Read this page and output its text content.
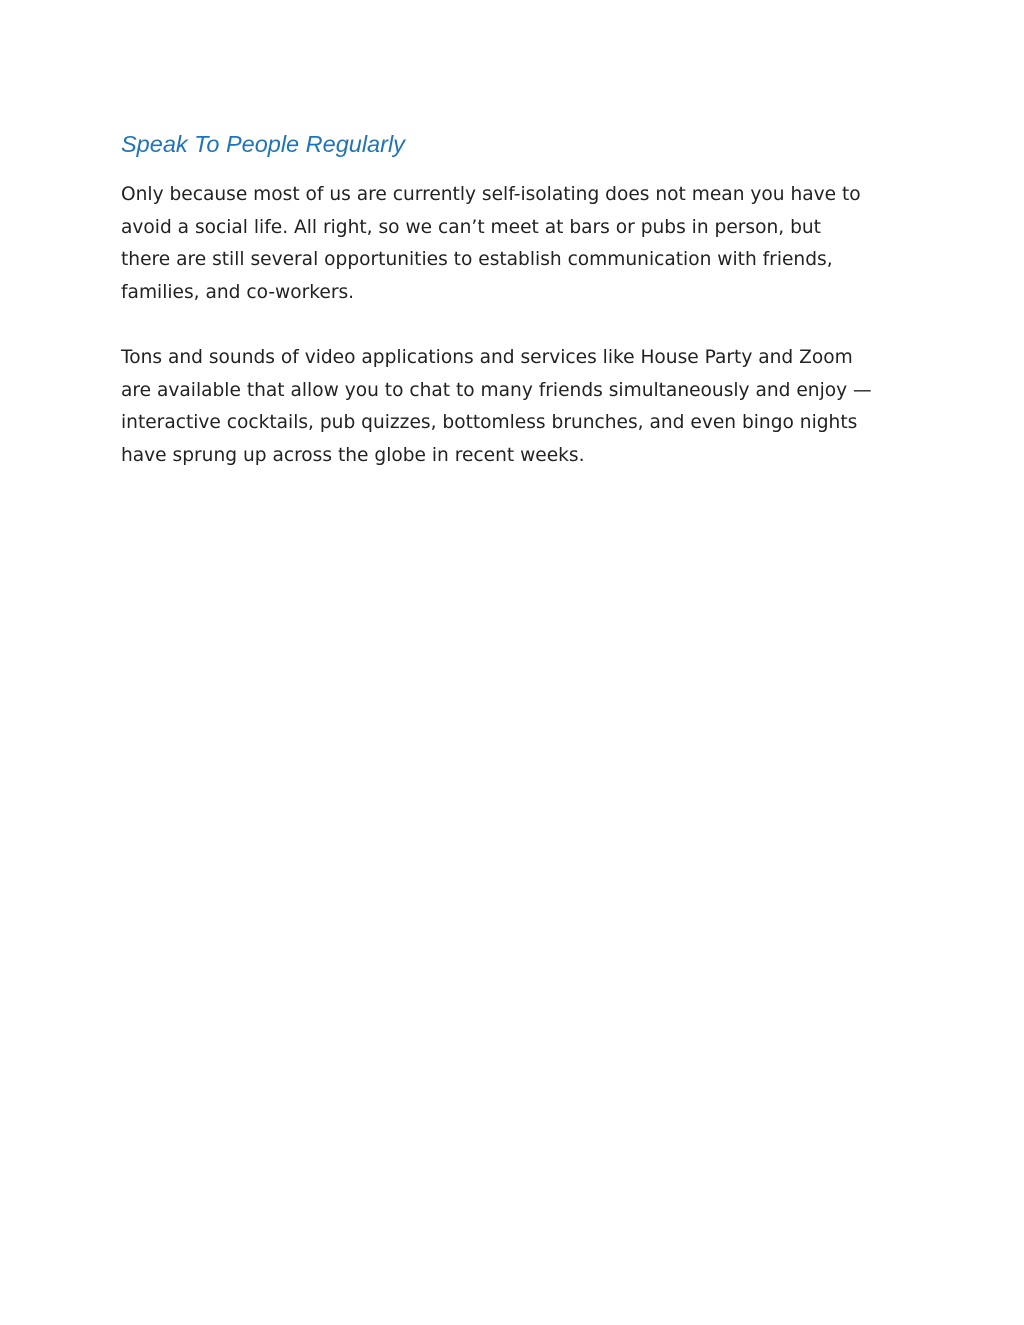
Speak To People Regularly

Only because most of us are currently self-isolating does not mean you have to
avoid a social life. All right, so we can’t meet at bars or pubs in person, but
there are still several opportunities to establish communication with friends,
families, and co-workers.

Tons and sounds of video applications and services like House Party and Zoom
are available that allow you to chat to many friends simultaneously and enjoy —
interactive cocktails, pub quizzes, bottomless brunches, and even bingo nights
have sprung up across the globe in recent weeks.
